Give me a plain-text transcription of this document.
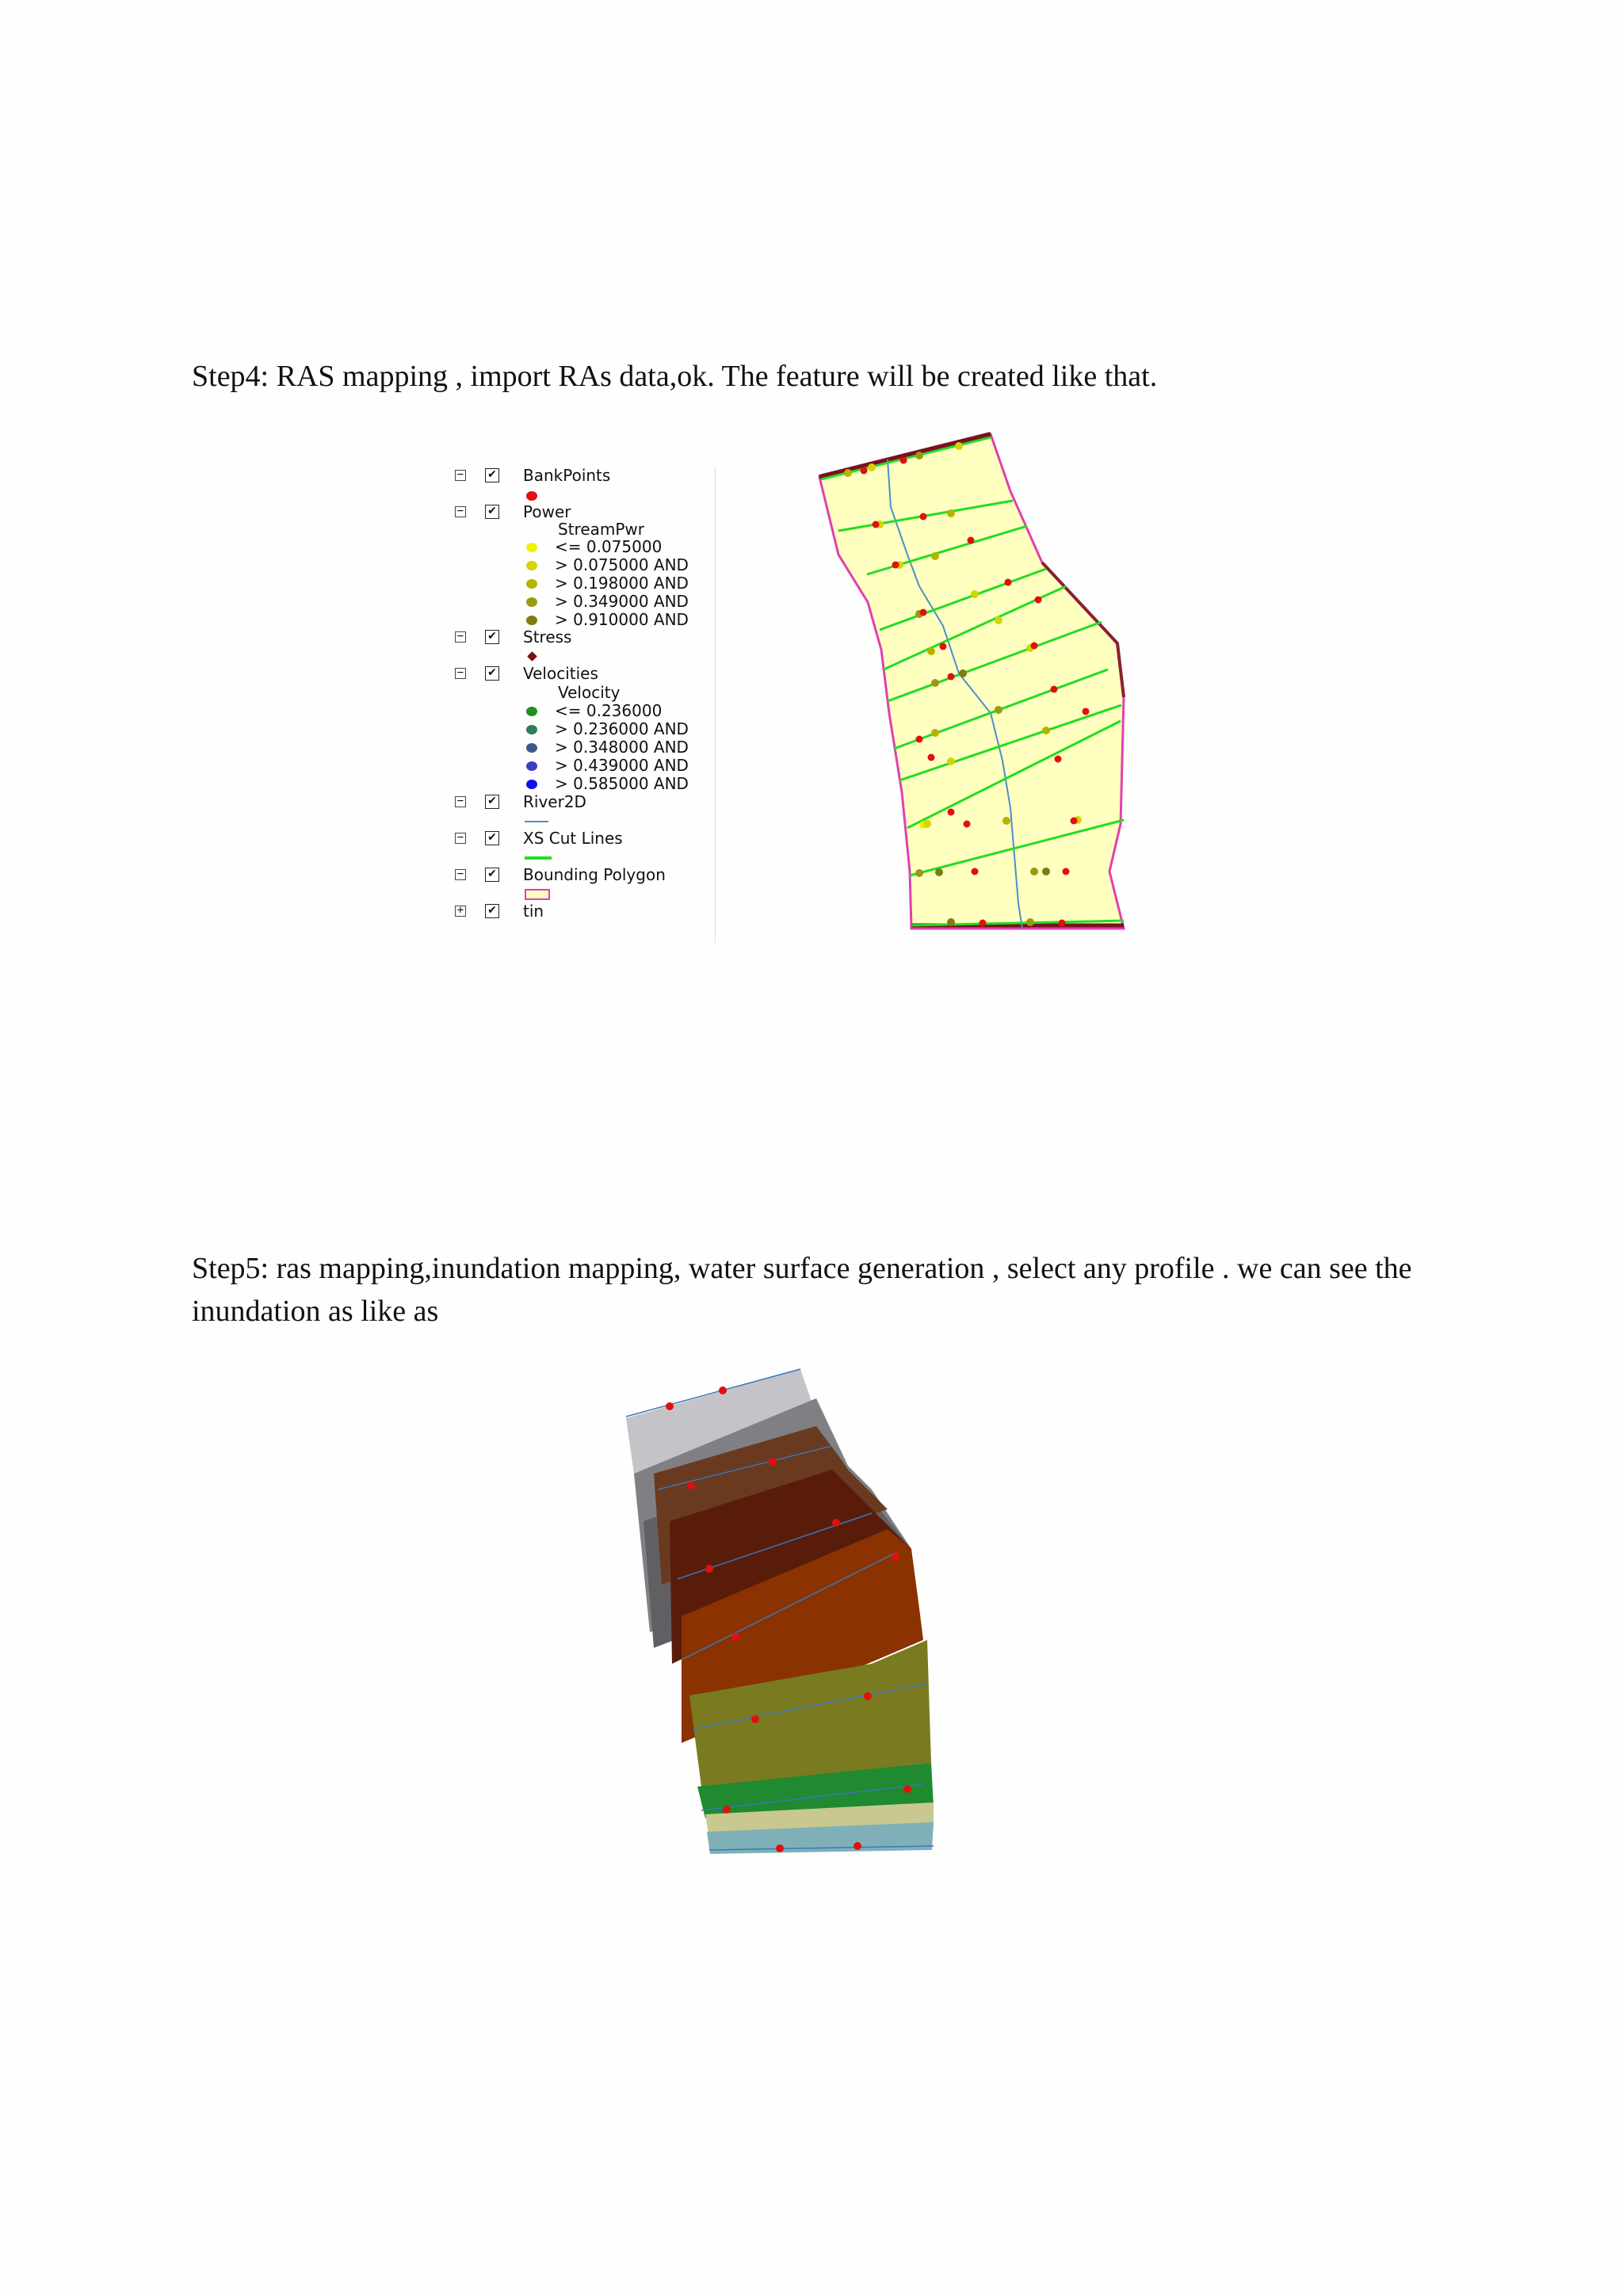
Step4: RAS mapping , import RAs data,ok. The feature will be created like that.

− ✔ BankPoints
− ✔ Power
StreamPwr
<= 0.075000
> 0.075000 AND
> 0.198000 AND
> 0.349000 AND
> 0.910000 AND
− ✔ Stress
− ✔ Velocities
Velocity
<= 0.236000
> 0.236000 AND
> 0.348000 AND
> 0.439000 AND
> 0.585000 AND
− ✔ River2D
− ✔ XS Cut Lines
− ✔ Bounding Polygon
+ ✔ tin

Step5: ras mapping,inundation mapping, water surface generation , select any profile . we can see the inundation as like as
